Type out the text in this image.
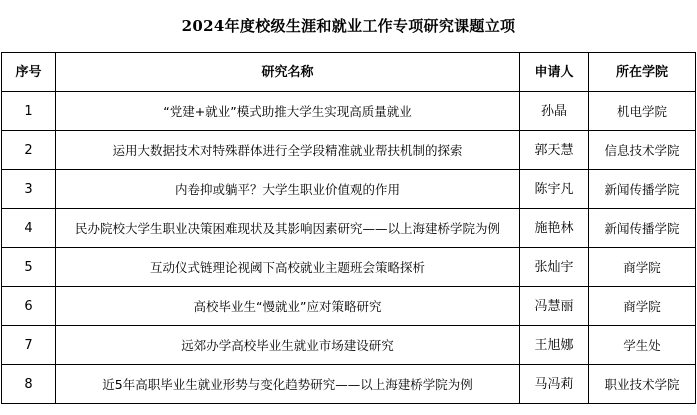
2024年度校级生涯和就业工作专项研究课题立项
序号	研究名称	申请人	所在学院
1	“党建+就业”模式助推大学生实现高质量就业	孙晶	机电学院
2	运用大数据技术对特殊群体进行全学段精准就业帮扶机制的探索	郭天慧	信息技术学院
3	内卷抑或躺平？大学生职业价值观的作用	陈宇凡	新闻传播学院
4	民办院校大学生职业决策困难现状及其影响因素研究——以上海建桥学院为例	施艳林	新闻传播学院
5	互动仪式链理论视阈下高校就业主题班会策略探析	张灿宇	商学院
6	高校毕业生“慢就业”应对策略研究	冯慧丽	商学院
7	远郊办学高校毕业生就业市场建设研究	王旭娜	学生处
8	近5年高职毕业生就业形势与变化趋势研究——以上海建桥学院为例	马冯莉	职业技术学院
